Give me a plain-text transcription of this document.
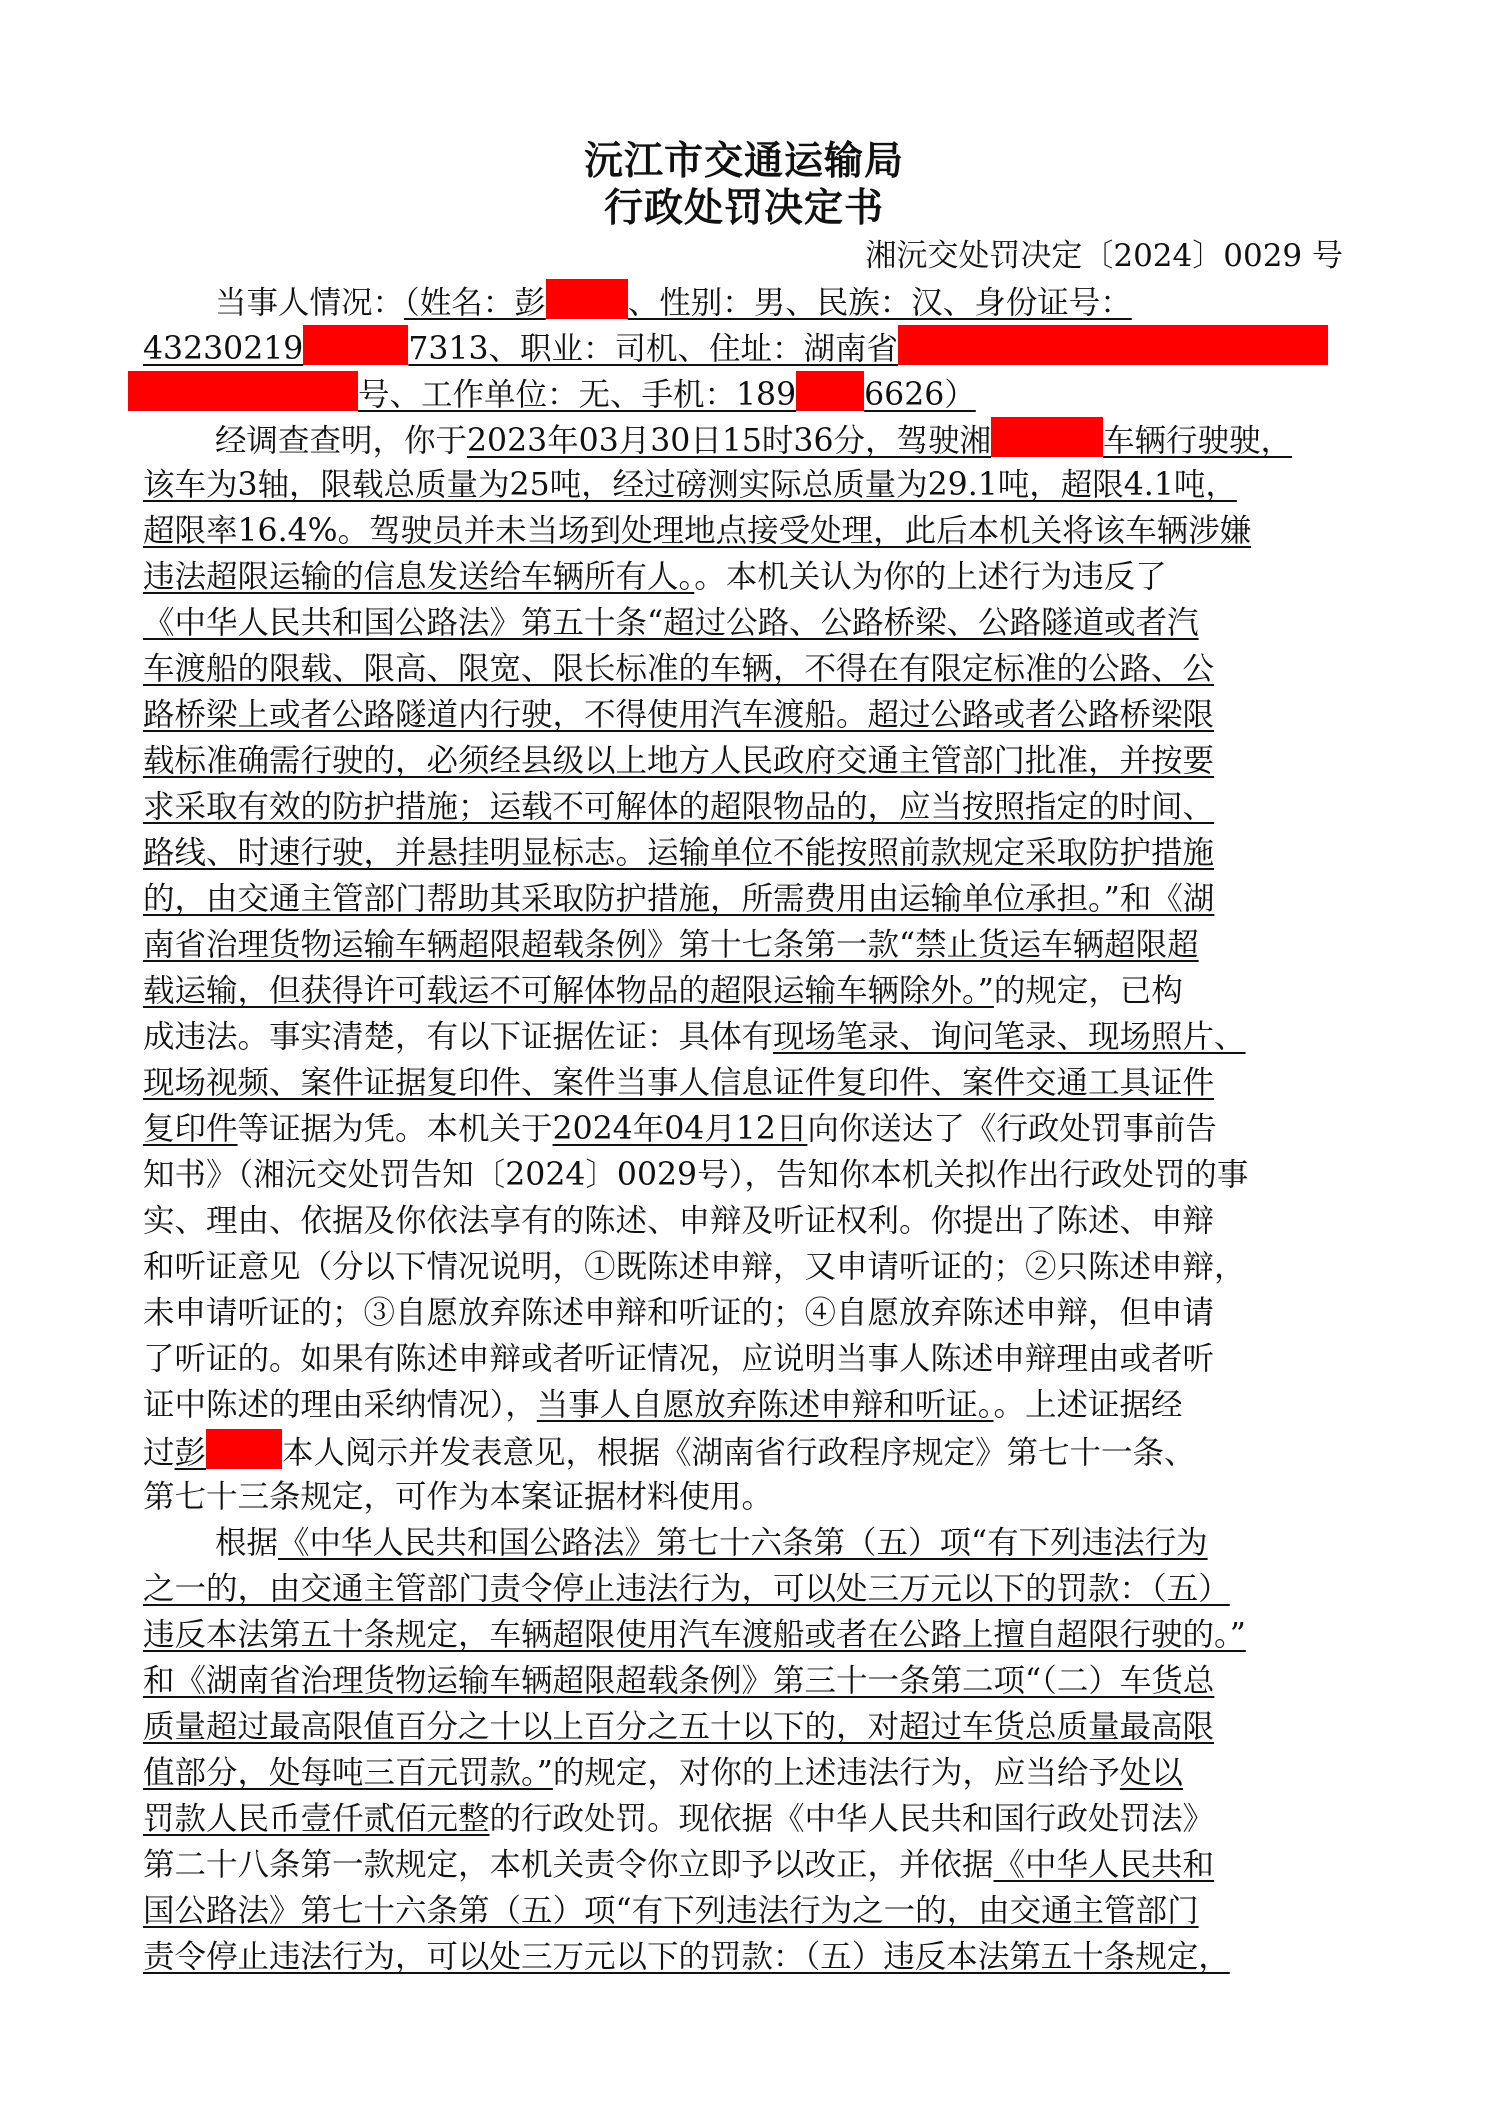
沅江市交通运输局
行政处罚决定书
湘沅交处罚决定〔2024〕0029 号
当事人情况：（姓名：彭	、性别：男、民族：汉、身份证号：
43230219	7313、职业：司机、住址：湖南省
号、工作单位：无、手机：189 6626）
经调查查明，你于2023年03月30日15时36分，驾驶湘	车辆行驶驶，
该车为3轴，限载总质量为25吨，经过磅测实际总质量为29.1吨，超限4.1吨，
超限率16.4%。驾驶员并未当场到处理地点接受处理，此后本机关将该车辆涉嫌
违法超限运输的信息发送给车辆所有人。。本机关认为你的上述行为违反了
《中华人民共和国公路法》第五十条“超过公路、公路桥梁、公路隧道或者汽
车渡船的限载、限高、限宽、限长标准的车辆，不得在有限定标准的公路、公
路桥梁上或者公路隧道内行驶，不得使用汽车渡船。超过公路或者公路桥梁限
载标准确需行驶的，必须经县级以上地方人民政府交通主管部门批准，并按要
求采取有效的防护措施；运载不可解体的超限物品的，应当按照指定的时间、
路线、时速行驶，并悬挂明显标志。运输单位不能按照前款规定采取防护措施
的，由交通主管部门帮助其采取防护措施，所需费用由运输单位承担。”和《湖
南省治理货物运输车辆超限超载条例》第十七条第一款“禁止货运车辆超限超
载运输，但获得许可载运不可解体物品的超限运输车辆除外。”的规定，已构
成违法。事实清楚，有以下证据佐证：具体有现场笔录、询问笔录、现场照片、
现场视频、案件证据复印件、案件当事人信息证件复印件、案件交通工具证件
复印件等证据为凭。本机关于2024年04月12日向你送达了《行政处罚事前告
知书》（湘沅交处罚告知〔2024〕0029号），告知你本机关拟作出行政处罚的事
实、理由、依据及你依法享有的陈述、申辩及听证权利。你提出了陈述、申辩
和听证意见（分以下情况说明，①既陈述申辩，又申请听证的；②只陈述申辩，
未申请听证的；③自愿放弃陈述申辩和听证的；④自愿放弃陈述申辩，但申请
了听证的。如果有陈述申辩或者听证情况，应说明当事人陈述申辩理由或者听
证中陈述的理由采纳情况），当事人自愿放弃陈述申辩和听证。。上述证据经
过彭 本人阅示并发表意见，根据《湖南省行政程序规定》第七十一条、
第七十三条规定，可作为本案证据材料使用。
根据《中华人民共和国公路法》第七十六条第（五）项“有下列违法行为
之一的，由交通主管部门责令停止违法行为，可以处三万元以下的罚款：（五）
违反本法第五十条规定，车辆超限使用汽车渡船或者在公路上擅自超限行驶的。”
和《湖南省治理货物运输车辆超限超载条例》第三十一条第二项“（二）车货总
质量超过最高限值百分之十以上百分之五十以下的，对超过车货总质量最高限
值部分，处每吨三百元罚款。”的规定，对你的上述违法行为，应当给予处以
罚款人民币壹仟贰佰元整的行政处罚。现依据《中华人民共和国行政处罚法》
第二十八条第一款规定，本机关责令你立即予以改正，并依据《中华人民共和
国公路法》第七十六条第（五）项“有下列违法行为之一的，由交通主管部门
责令停止违法行为，可以处三万元以下的罚款：（五）违反本法第五十条规定，
